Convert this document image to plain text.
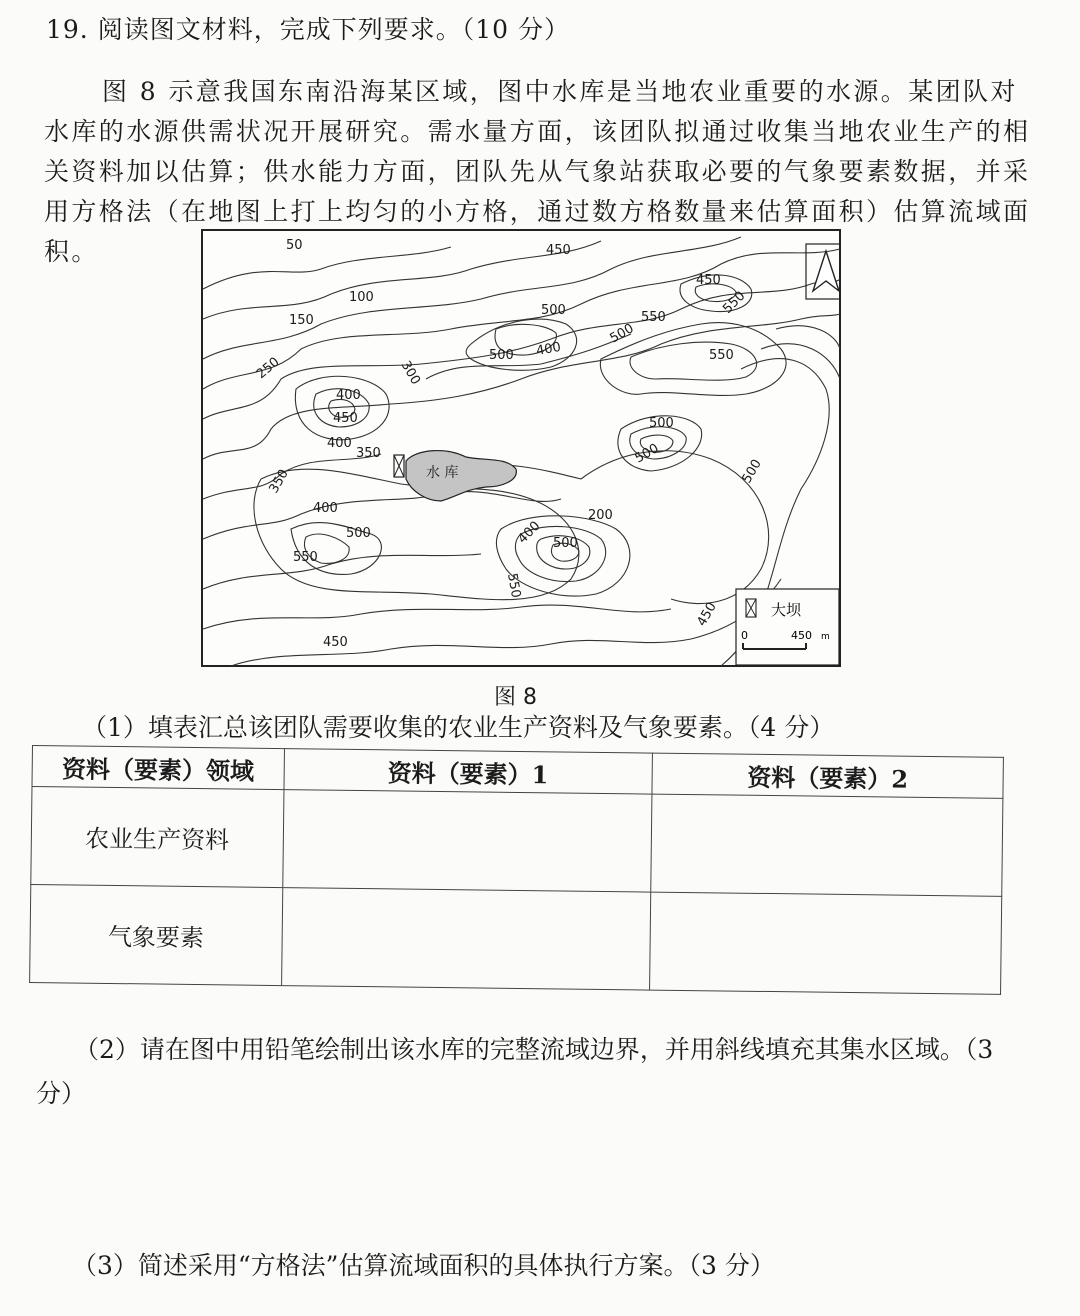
19. 阅读图文材料，完成下列要求。（10 分）

图 8 示意我国东南沿海某区域，图中水库是当地农业重要的水源。某团队对水库的水源供需状况开展研究。需水量方面，该团队拟通过收集当地农业生产的相关资料加以估算；供水能力方面，团队先从气象站获取必要的气象要素数据，并采用方格法（在地图上打上均匀的小方格，通过数方格数量来估算面积）估算流域面积。

水 库
50
100
150
250	300
400
450
400
350
350
400
500
550
450
450
500
500 400
450
550
500
550
550
500
500
500
200
400 500
550
450	大坝
0	450 m
图 8

（1）填表汇总该团队需要收集的农业生产资料及气象要素。（4 分）

资料（要素）领域	资料（要素）1	资料（要素）2
农业生产资料		
气象要素		

（2）请在图中用铅笔绘制出该水库的完整流域边界，并用斜线填充其集水区域。（3 分）

（3）简述采用“方格法”估算流域面积的具体执行方案。（3 分）
